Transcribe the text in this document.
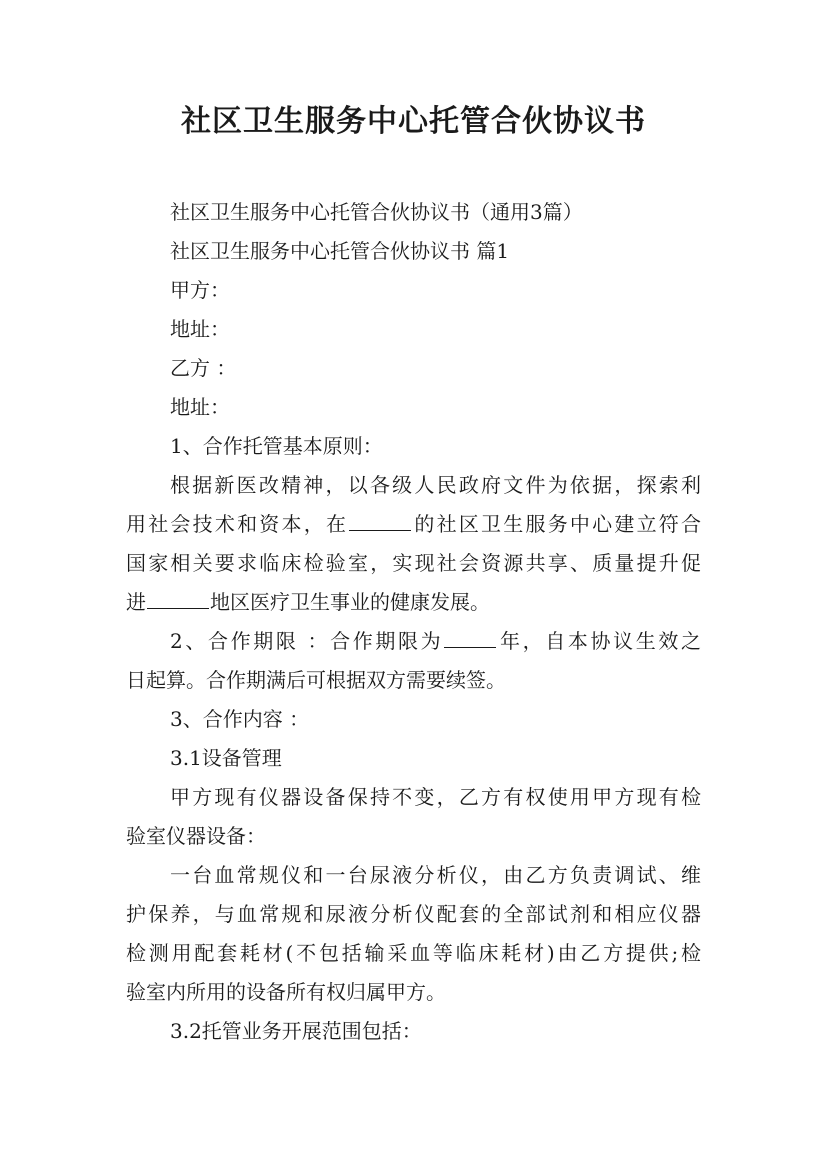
社区卫生服务中心托管合伙协议书

社区卫生服务中心托管合伙协议书（通用3篇）

社区卫生服务中心托管合伙协议书 篇1

甲方：

地址：

乙方 ：

地址：

1、合作托管基本原则：

根据新医改精神，以各级人民政府文件为依据，探索利
用社会技术和资本，在	的社区卫生服务中心建立符合
国家相关要求临床检验室，实现社会资源共享、质量提升促
进	地区医疗卫生事业的健康发展。
2、合作期限 ：合作期限为	年，自本协议生效之
日起算。合作期满后可根据双方需要续签。

3、合作内容 ：

3.1设备管理

甲方现有仪器设备保持不变，乙方有权使用甲方现有检
验室仪器设备：
一台血常规仪和一台尿液分析仪，由乙方负责调试、维
护保养，与血常规和尿液分析仪配套的全部试剂和相应仪器
检测用配套耗材(不包括输采血等临床耗材)由乙方提供;检
验室内所用的设备所有权归属甲方。

3.2托管业务开展范围包括：
